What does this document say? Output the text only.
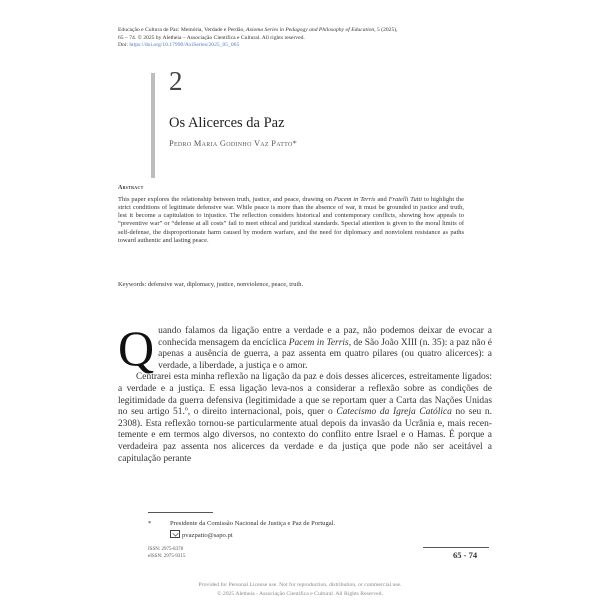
Educação e Cultura de Paz: Memória, Verdade e Perdão, Axioma Series in Pedagogy and Philosophy of Education, 5 (2025),
65 – 74. © 2025 by Aletheia – Associação Científica e Cultural. All rights reserved.
Doi: https://doi.org/10.17990/AxiSeries/2025_05_065
2
Os Alicerces da Paz
Pedro Maria Godinho Vaz Patto*
Abstract
This paper explores the relationship between truth, justice, and peace, drawing on Pacem in Terris and Fratelli Tutti to highlight the strict conditions of legitimate defensive war. While peace is more than the absence of war, it must be grounded in justice and truth, lest it become a capitulation to injustice. The reflection considers historical and contemporary conflicts, showing how appeals to “preventive war” or “defense at all costs” fail to meet ethical and juridical standards. Special attention is given to the moral limits of self-defense, the disproportionate harm caused by modern warfare, and the need for diplomacy and nonviolent resistance as paths toward authentic and lasting peace.
Keywords: defensive war, diplomacy, justice, nonviolence, peace, truth.

Quando falamos da ligação entre a verdade e a paz, não podemos deixar de evocar a conhecida mensagem da encíclica Pacem in Terris, de São João XIII (n. 35): a paz não é apenas a ausência de guerra, a paz assenta em quatro pilares (ou quatro alicerces): a verdade, a liberdade, a justiça e o amor.

Centrarei esta minha reflexão na ligação da paz e dois desses alicerces, estreitamente ligados: a verdade e a justiça. E essa ligação leva-nos a considerar a reflexão sobre as condições de legitimidade da guerra defensiva (legitimidade a que se reportam quer a Carta das Nações Unidas no seu artigo 51.º, o direito internacional, pois, quer o Catecismo da Igreja Católica no seu n. 2308). Esta reflexão tornou-se particularmente atual depois da invasão da Ucrânia e, mais recentemente e em termos algo diversos, no contexto do conflito entre Israel e o Hamas. É porque a verdadeira paz assenta nos alicerces da verdade e da justiça que pode não ser aceitável a capitulação perante

*	Presidente da Comissão Nacional de Justiça e Paz de Portugal.
pvazpatto@sapo.pt
ISSN: 2975-8378
eISSN: 2975-9315	65 - 74
Provided for Personal License use. Not for reproduction, distribution, or commercial use.
© 2025 Aletheia - Associação Científica e Cultural. All Rights Reserved.
